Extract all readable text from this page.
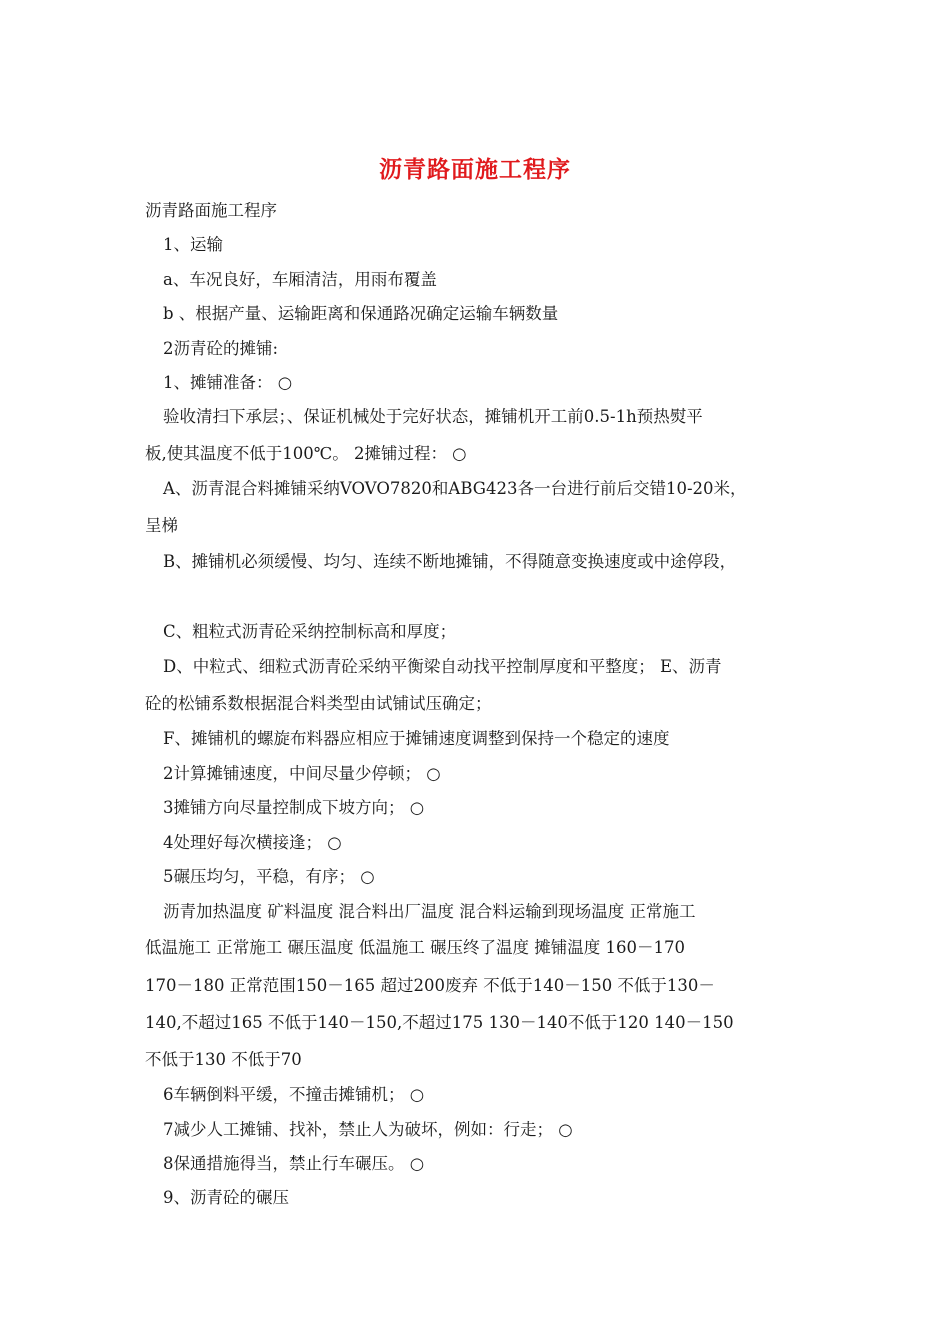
沥青路面施工程序
沥青路面施工程序
1、运输
a、车况良好，车厢清洁，用雨布覆盖
b 、根据产量、运输距离和保通路况确定运输车辆数量
2沥青砼的摊铺:
1、摊铺准备： ○
验收清扫下承层；、保证机械处于完好状态，摊铺机开工前0.5-1h预热熨平
板,使其温度不低于100℃。 2摊铺过程： ○
A、沥青混合料摊铺采纳VOVO7820和ABG423各一台进行前后交错10-20米，
呈梯
B、摊铺机必须缓慢、均匀、连续不断地摊铺，不得随意变换速度或中途停段，
C、粗粒式沥青砼采纳控制标高和厚度；
D、中粒式、细粒式沥青砼采纳平衡梁自动找平控制厚度和平整度； E、沥青
砼的松铺系数根据混合料类型由试铺试压确定；
F、摊铺机的螺旋布料器应相应于摊铺速度调整到保持一个稳定的速度
2计算摊铺速度，中间尽量少停顿； ○
3摊铺方向尽量控制成下坡方向； ○
4处理好每次横接逢； ○
5碾压均匀，平稳，有序； ○
沥青加热温度 矿料温度 混合料出厂温度 混合料运输到现场温度 正常施工
低温施工 正常施工 碾压温度 低温施工 碾压终了温度 摊铺温度 160－170
170－180 正常范围150－165 超过200废弃 不低于140－150 不低于130－
140,不超过165 不低于140－150,不超过175 130－140不低于120 140－150
不低于130 不低于70
6车辆倒料平缓，不撞击摊铺机； ○
7减少人工摊铺、找补，禁止人为破坏，例如：行走； ○
8保通措施得当，禁止行车碾压。 ○
9、沥青砼的碾压
